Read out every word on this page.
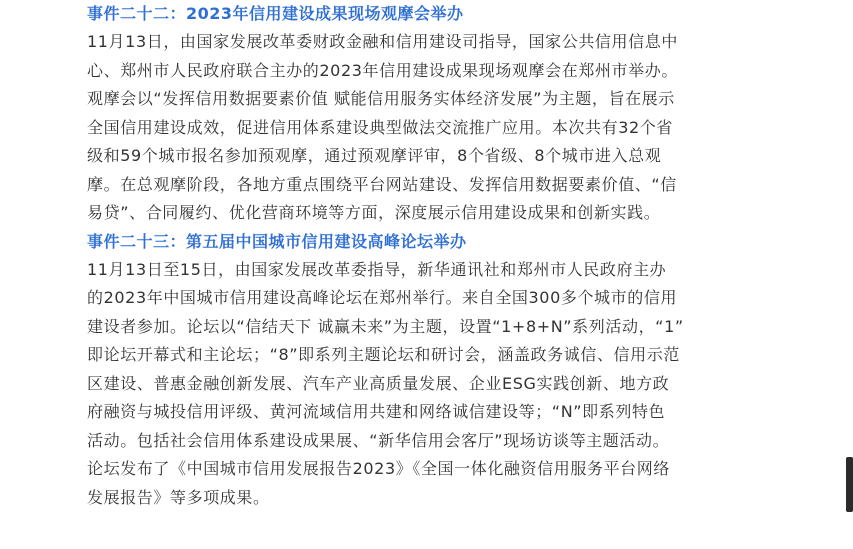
事件二十二：2023年信用建设成果现场观摩会举办

11月13日，由国家发展改革委财政金融和信用建设司指导，国家公共信用信息中
心、郑州市人民政府联合主办的2023年信用建设成果现场观摩会在郑州市举办。
观摩会以“发挥信用数据要素价值 赋能信用服务实体经济发展”为主题，旨在展示
全国信用建设成效，促进信用体系建设典型做法交流推广应用。本次共有32个省
级和59个城市报名参加预观摩，通过预观摩评审，8个省级、8个城市进入总观
摩。在总观摩阶段，各地方重点围绕平台网站建设、发挥信用数据要素价值、“信
易贷”、合同履约、优化营商环境等方面，深度展示信用建设成果和创新实践。

事件二十三：第五届中国城市信用建设高峰论坛举办

11月13日至15日，由国家发展改革委指导，新华通讯社和郑州市人民政府主办
的2023年中国城市信用建设高峰论坛在郑州举行。来自全国300多个城市的信用
建设者参加。论坛以“信结天下 诚赢未来”为主题，设置“1+8+N”系列活动，“1”
即论坛开幕式和主论坛；“8”即系列主题论坛和研讨会，涵盖政务诚信、信用示范
区建设、普惠金融创新发展、汽车产业高质量发展、企业ESG实践创新、地方政
府融资与城投信用评级、黄河流域信用共建和网络诚信建设等；“N”即系列特色
活动。包括社会信用体系建设成果展、“新华信用会客厅”现场访谈等主题活动。
论坛发布了《中国城市信用发展报告2023》《全国一体化融资信用服务平台网络
发展报告》等多项成果。
